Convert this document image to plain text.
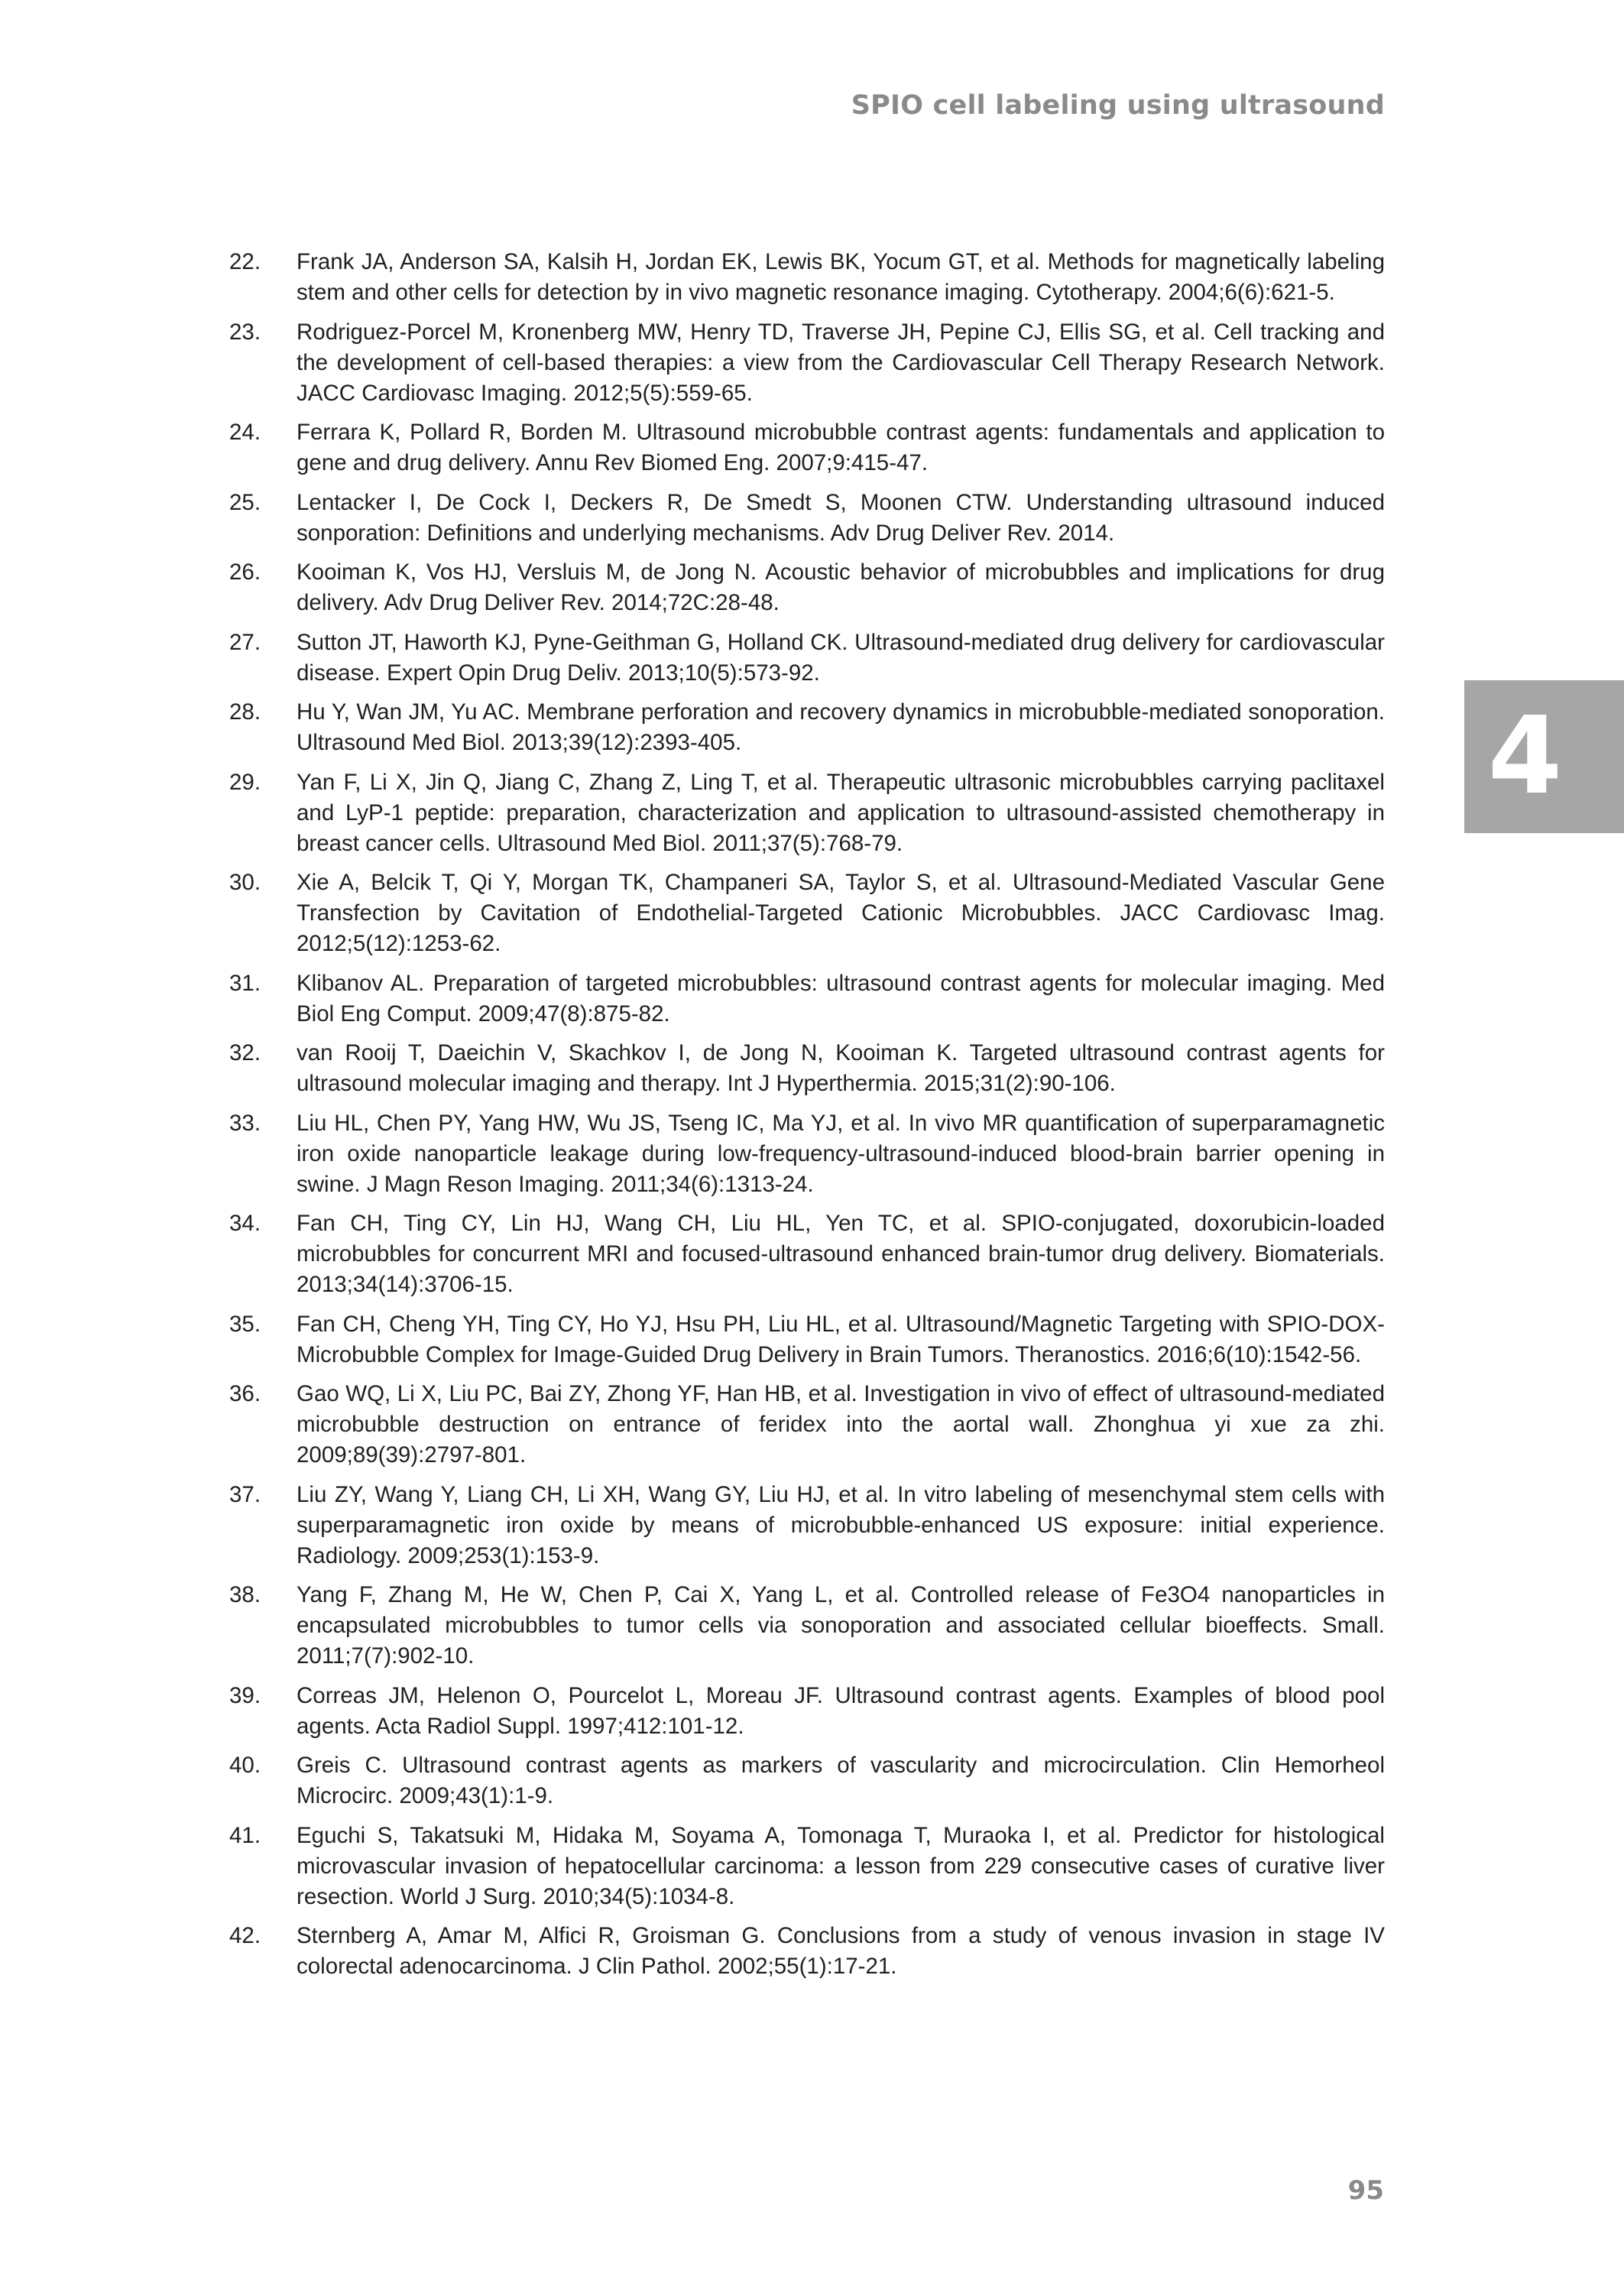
SPIO cell labeling using ultrasound
4
22. Frank JA, Anderson SA, Kalsih H, Jordan EK, Lewis BK, Yocum GT, et al. Methods for magnetically labeling stem and other cells for detection by in vivo magnetic resonance imaging. Cytotherapy. 2004;6(6):621-5.
23. Rodriguez-Porcel M, Kronenberg MW, Henry TD, Traverse JH, Pepine CJ, Ellis SG, et al. Cell tracking and the development of cell-based therapies: a view from the Cardiovascular Cell Therapy Research Network. JACC Cardiovasc Imaging. 2012;5(5):559-65.
24. Ferrara K, Pollard R, Borden M. Ultrasound microbubble contrast agents: fundamentals and application to gene and drug delivery. Annu Rev Biomed Eng. 2007;9:415-47.
25. Lentacker I, De Cock I, Deckers R, De Smedt S, Moonen CTW. Understanding ultrasound induced sonporation: Definitions and underlying mechanisms. Adv Drug Deliver Rev. 2014.
26. Kooiman K, Vos HJ, Versluis M, de Jong N. Acoustic behavior of microbubbles and implications for drug delivery. Adv Drug Deliver Rev. 2014;72C:28-48.
27. Sutton JT, Haworth KJ, Pyne-Geithman G, Holland CK. Ultrasound-mediated drug delivery for cardiovascular disease. Expert Opin Drug Deliv. 2013;10(5):573-92.
28. Hu Y, Wan JM, Yu AC. Membrane perforation and recovery dynamics in microbubble-mediated sonoporation. Ultrasound Med Biol. 2013;39(12):2393-405.
29. Yan F, Li X, Jin Q, Jiang C, Zhang Z, Ling T, et al. Therapeutic ultrasonic microbubbles carrying paclitaxel and LyP-1 peptide: preparation, characterization and application to ultrasound-assisted chemotherapy in breast cancer cells. Ultrasound Med Biol. 2011;37(5):768-79.
30. Xie A, Belcik T, Qi Y, Morgan TK, Champaneri SA, Taylor S, et al. Ultrasound-Mediated Vascular Gene Transfection by Cavitation of Endothelial-Targeted Cationic Microbubbles. JACC Cardiovasc Imag. 2012;5(12):1253-62.
31. Klibanov AL. Preparation of targeted microbubbles: ultrasound contrast agents for molecular imaging. Med Biol Eng Comput. 2009;47(8):875-82.
32. van Rooij T, Daeichin V, Skachkov I, de Jong N, Kooiman K. Targeted ultrasound contrast agents for ultrasound molecular imaging and therapy. Int J Hyperthermia. 2015;31(2):90-106.
33. Liu HL, Chen PY, Yang HW, Wu JS, Tseng IC, Ma YJ, et al. In vivo MR quantification of superparamagnetic iron oxide nanoparticle leakage during low-frequency-ultrasound-induced blood-brain barrier opening in swine. J Magn Reson Imaging. 2011;34(6):1313-24.
34. Fan CH, Ting CY, Lin HJ, Wang CH, Liu HL, Yen TC, et al. SPIO-conjugated, doxorubicin-loaded microbubbles for concurrent MRI and focused-ultrasound enhanced brain-tumor drug delivery. Biomaterials. 2013;34(14):3706-15.
35. Fan CH, Cheng YH, Ting CY, Ho YJ, Hsu PH, Liu HL, et al. Ultrasound/Magnetic Targeting with SPIO-DOX-Microbubble Complex for Image-Guided Drug Delivery in Brain Tumors. Theranostics. 2016;6(10):1542-56.
36. Gao WQ, Li X, Liu PC, Bai ZY, Zhong YF, Han HB, et al. Investigation in vivo of effect of ultrasound-mediated microbubble destruction on entrance of feridex into the aortal wall. Zhonghua yi xue za zhi. 2009;89(39):2797-801.
37. Liu ZY, Wang Y, Liang CH, Li XH, Wang GY, Liu HJ, et al. In vitro labeling of mesenchymal stem cells with superparamagnetic iron oxide by means of microbubble-enhanced US exposure: initial experience. Radiology. 2009;253(1):153-9.
38. Yang F, Zhang M, He W, Chen P, Cai X, Yang L, et al. Controlled release of Fe3O4 nanoparticles in encapsulated microbubbles to tumor cells via sonoporation and associated cellular bioeffects. Small. 2011;7(7):902-10.
39. Correas JM, Helenon O, Pourcelot L, Moreau JF. Ultrasound contrast agents. Examples of blood pool agents. Acta Radiol Suppl. 1997;412:101-12.
40. Greis C. Ultrasound contrast agents as markers of vascularity and microcirculation. Clin Hemorheol Microcirc. 2009;43(1):1-9.
41. Eguchi S, Takatsuki M, Hidaka M, Soyama A, Tomonaga T, Muraoka I, et al. Predictor for histological microvascular invasion of hepatocellular carcinoma: a lesson from 229 consecutive cases of curative liver resection. World J Surg. 2010;34(5):1034-8.
42. Sternberg A, Amar M, Alfici R, Groisman G. Conclusions from a study of venous invasion in stage IV colorectal adenocarcinoma. J Clin Pathol. 2002;55(1):17-21.
95
